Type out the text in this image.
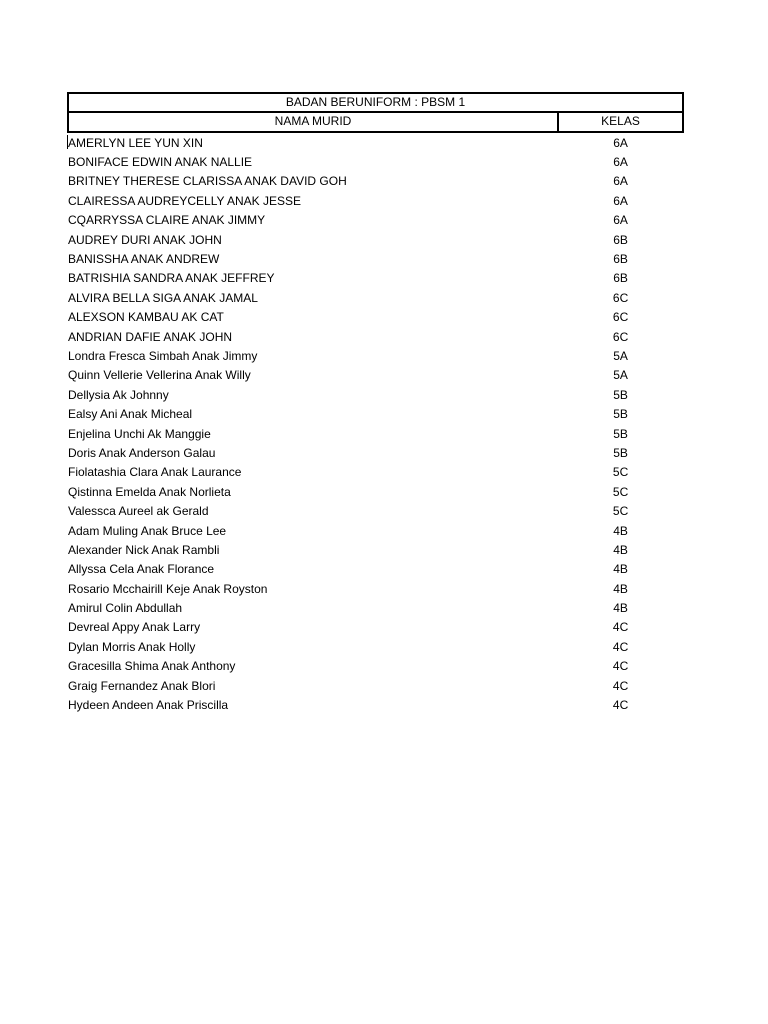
BADAN BERUNIFORM : PBSM 1
NAMA MURID	KELAS
AMERLYN LEE YUN XIN	6A
BONIFACE EDWIN ANAK NALLIE	6A
BRITNEY THERESE CLARISSA ANAK DAVID GOH	6A
CLAIRESSA AUDREYCELLY ANAK JESSE	6A
CQARRYSSA CLAIRE ANAK JIMMY	6A
AUDREY DURI ANAK JOHN	6B
BANISSHA ANAK ANDREW	6B
BATRISHIA SANDRA ANAK JEFFREY	6B
ALVIRA BELLA SIGA ANAK JAMAL	6C
ALEXSON KAMBAU AK CAT	6C
ANDRIAN DAFIE ANAK JOHN	6C
Londra Fresca Simbah Anak Jimmy	5A
Quinn Vellerie Vellerina Anak Willy	5A
Dellysia Ak Johnny	5B
Ealsy Ani Anak Micheal	5B
Enjelina Unchi Ak Manggie	5B
Doris Anak Anderson Galau	5B
Fiolatashia Clara Anak Laurance	5C
Qistinna Emelda Anak Norlieta	5C
Valessca Aureel ak Gerald	5C
Adam Muling Anak Bruce Lee	4B
Alexander Nick Anak Rambli	4B
Allyssa Cela Anak Florance	4B
Rosario Mcchairill Keje Anak Royston	4B
Amirul Colin Abdullah	4B
Devreal Appy Anak Larry	4C
Dylan Morris Anak Holly	4C
Gracesilla Shima Anak Anthony	4C
Graig Fernandez Anak Blori	4C
Hydeen Andeen Anak Priscilla	4C
